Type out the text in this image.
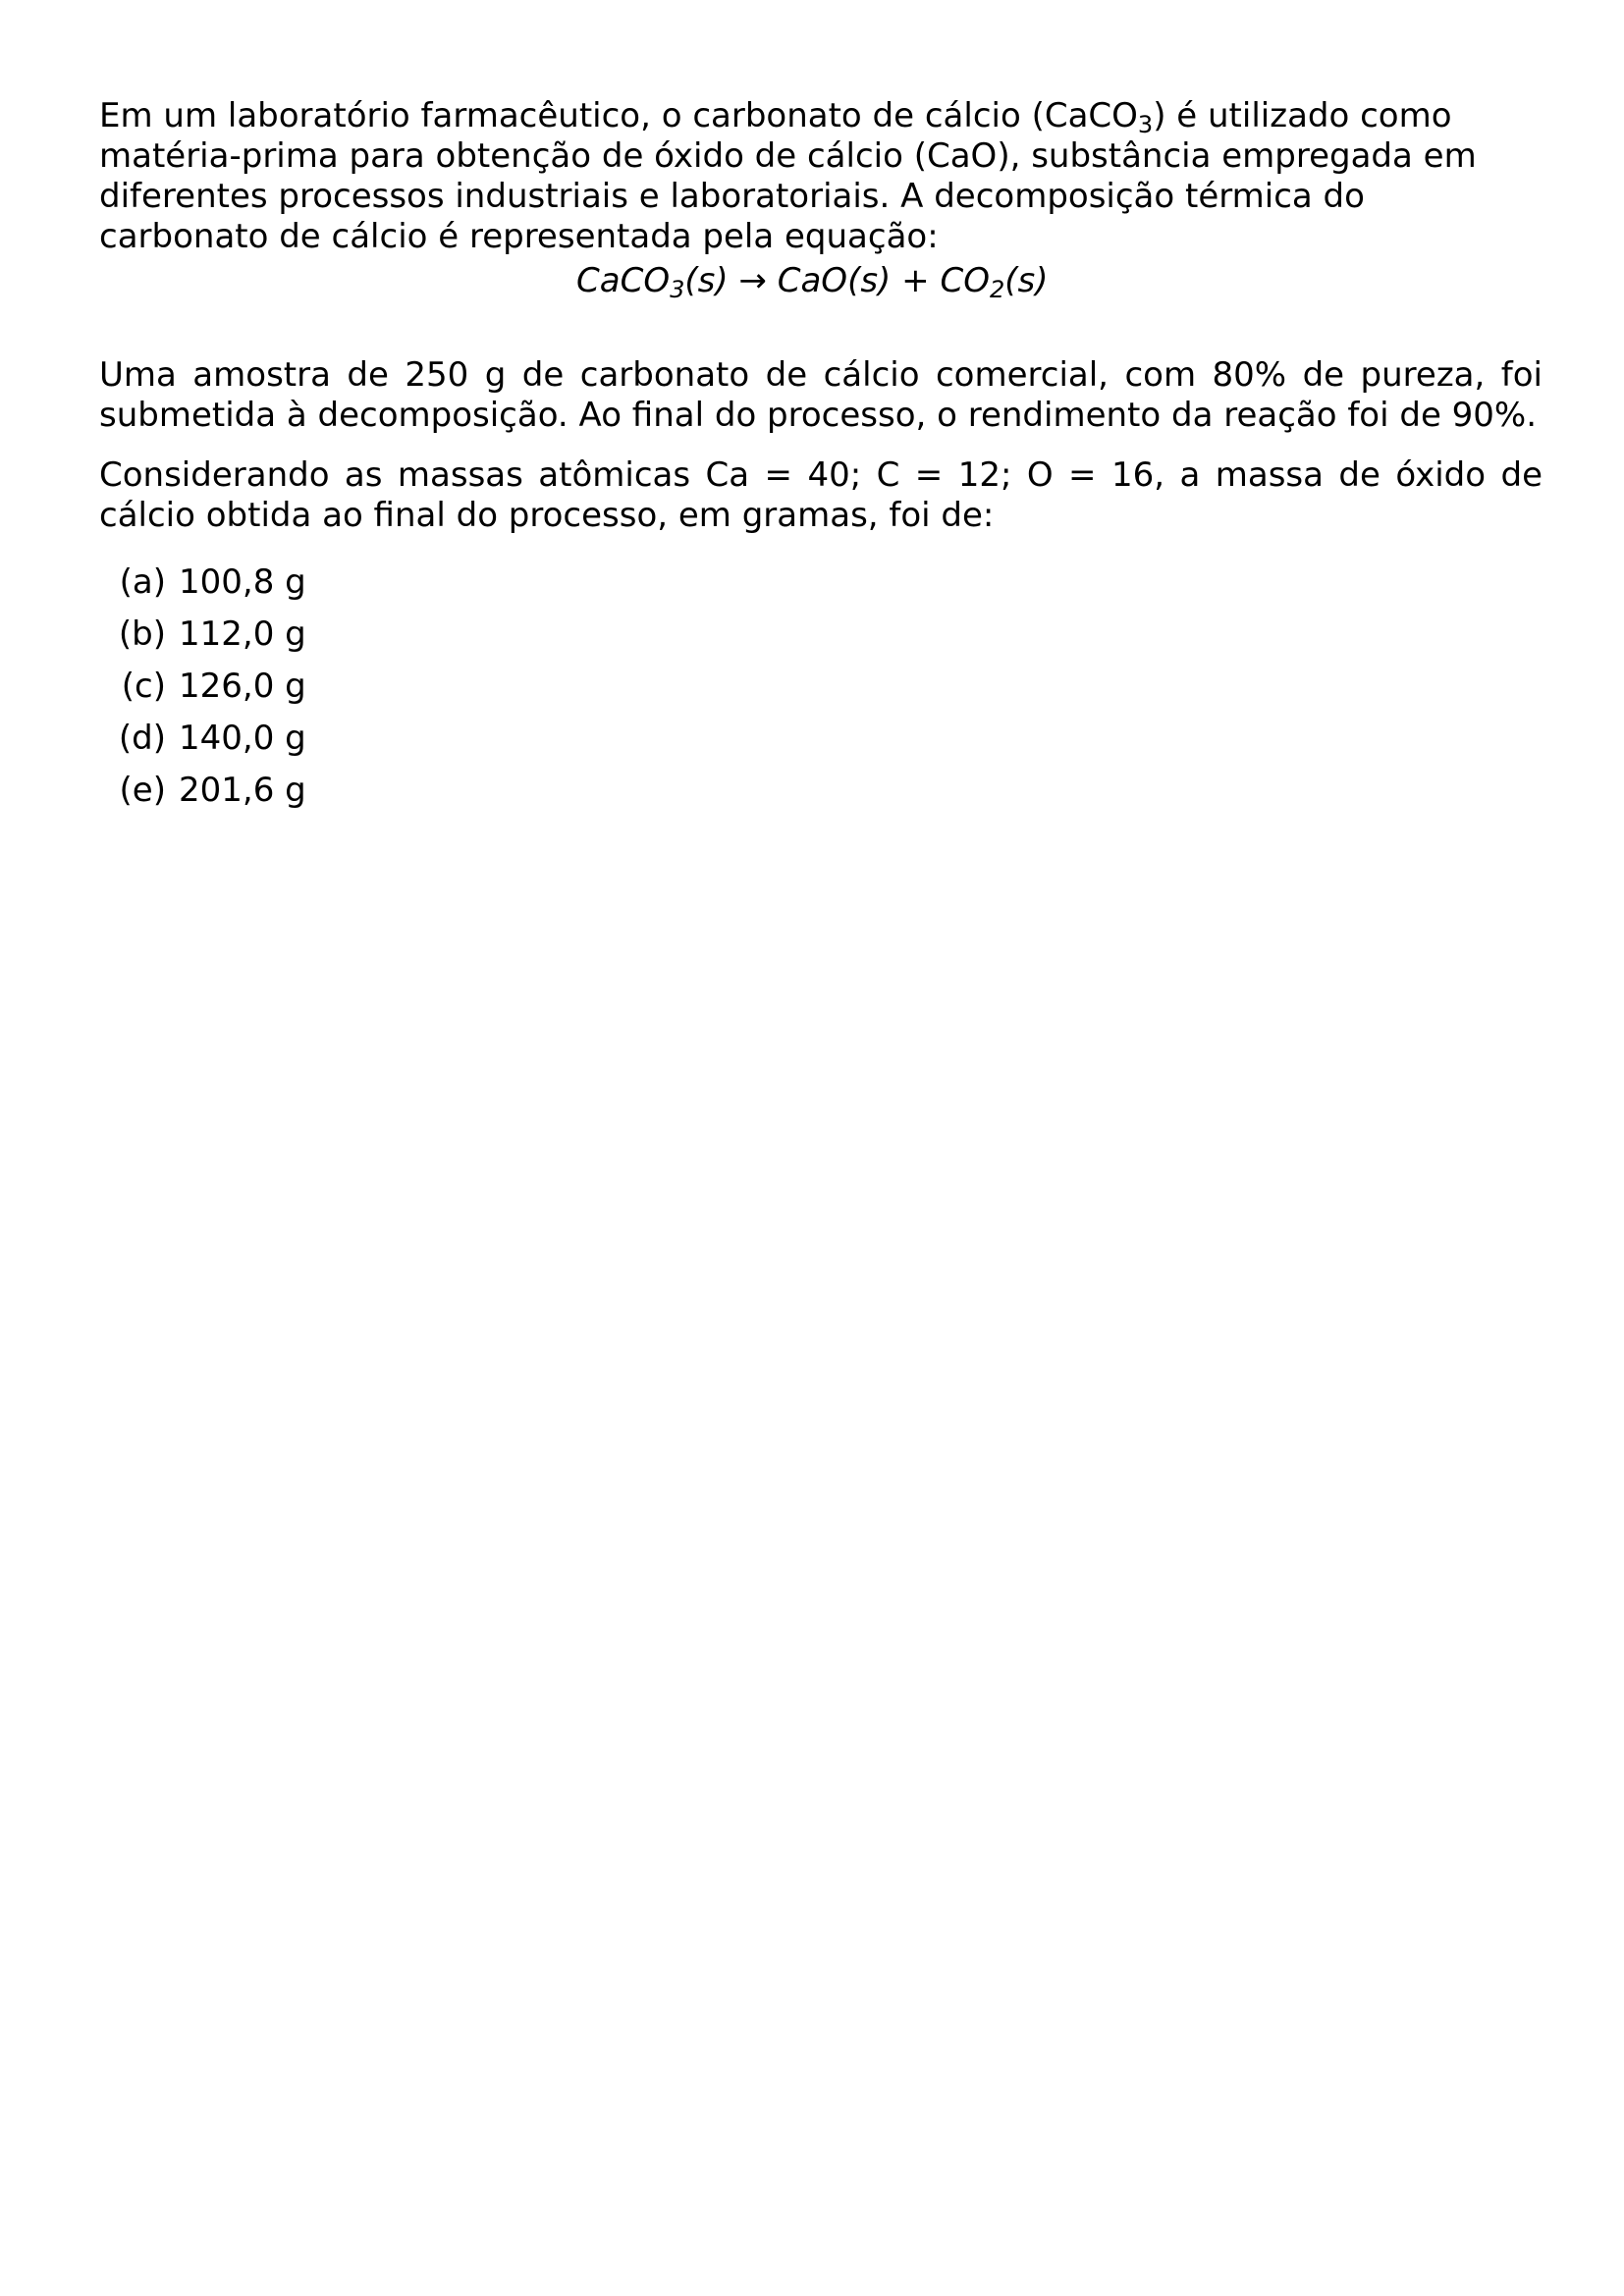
Em um laboratório farmacêutico, o carbonato de cálcio (CaCO$_3$) é utilizado como matéria-prima para obtenção de óxido de cálcio (CaO), substância empregada em diferentes processos industriais e laboratoriais. A decomposição térmica do carbonato de cálcio é representada pela equação:

CaCO$_3$(s) → $CaO(s) + CO_2(s)$

Uma amostra de 250 g de carbonato de cálcio comercial, com 80% de pureza, foi submetida à decomposição. Ao final do processo, o rendimento da reação foi de 90%.

Considerando as massas atômicas Ca = 40; C = 12; O = 16, a massa de óxido de cálcio obtida ao final do processo, em gramas, foi de:

(a) 100,8 g
(b) 112,0 g
(c) 126,0 g
(d) 140,0 g
(e) 201,6 g
